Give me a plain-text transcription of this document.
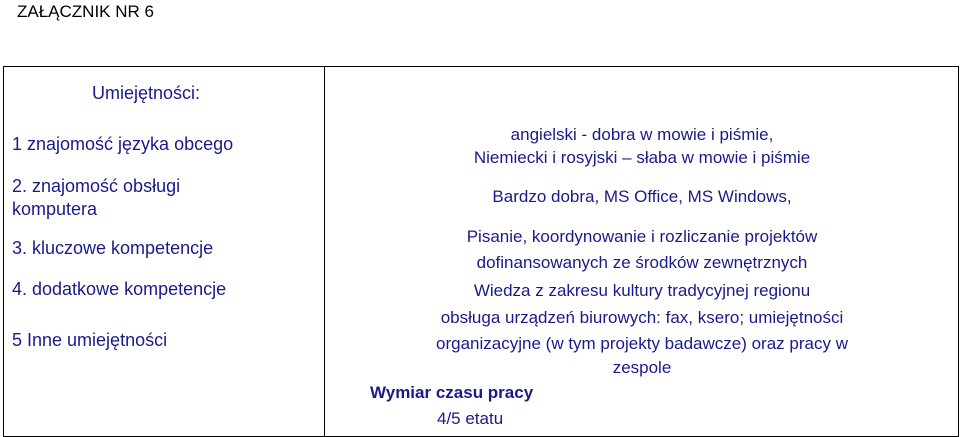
ZAŁĄCZNIK NR 6
Umiejętności:
1 znajomość języka obcego	angielski - dobra w mowie i piśmie,
Niemiecki i rosyjski – słaba w mowie i piśmie
2. znajomość obsługi
komputera
Bardzo dobra, MS Office, MS Windows,
3. kluczowe kompetencje
Pisanie, koordynowanie i rozliczanie projektów
dofinansowanych ze środków zewnętrznych
4. dodatkowe kompetencje	Wiedza z zakresu kultury tradycyjnej regionu
5 Inne umiejętności
obsługa urządzeń biurowych: fax, ksero; umiejętności
organizacyjne (w tym projekty badawcze) oraz pracy w
zespole
Wymiar czasu pracy
4/5 etatu
